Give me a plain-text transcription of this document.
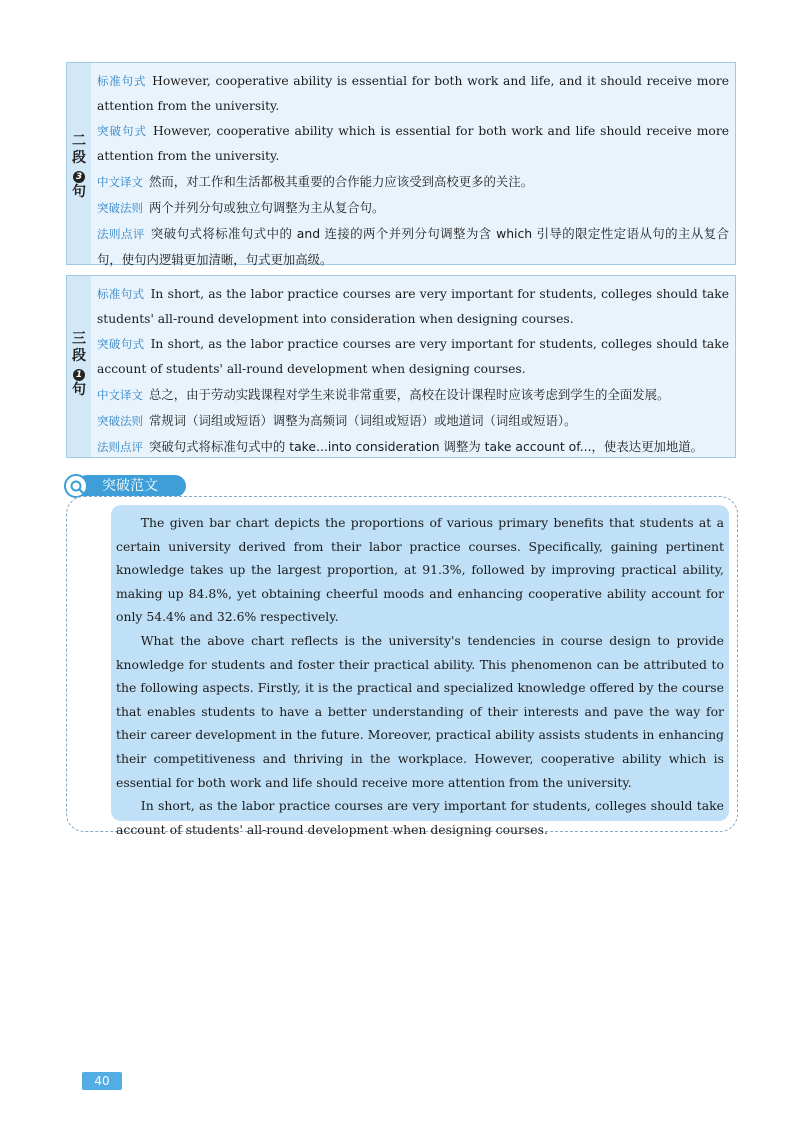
二
段
3
句
标准句式 However, cooperative ability is essential for both work and life, and it should receive more attention from the university.
突破句式 However, cooperative ability which is essential for both work and life should receive more attention from the university.
中文译文 然而，对工作和生活都极其重要的合作能力应该受到高校更多的关注。
突破法则 两个并列分句或独立句调整为主从复合句。
法则点评 突破句式将标准句式中的 and 连接的两个并列分句调整为含 which 引导的限定性定语从句的主从复合句，使句内逻辑更加清晰，句式更加高级。
三
段
1
句
标准句式 In short, as the labor practice courses are very important for students, colleges should take students' all-round development into consideration when designing courses.
突破句式 In short, as the labor practice courses are very important for students, colleges should take account of students' all-round development when designing courses.
中文译文 总之，由于劳动实践课程对学生来说非常重要，高校在设计课程时应该考虑到学生的全面发展。
突破法则 常规词（词组或短语）调整为高频词（词组或短语）或地道词（词组或短语）。
法则点评 突破句式将标准句式中的 take...into consideration 调整为 take account of...，使表达更加地道。
突破范文

The given bar chart depicts the proportions of various primary benefits that students at a certain university derived from their labor practice courses. Specifically, gaining pertinent knowledge takes up the largest proportion, at 91.3%, followed by improving practical ability, making up 84.8%, yet obtaining cheerful moods and enhancing cooperative ability account for only 54.4% and 32.6% respectively.

What the above chart reflects is the university's tendencies in course design to provide knowledge for students and foster their practical ability. This phenomenon can be attributed to the following aspects. Firstly, it is the practical and specialized knowledge offered by the course that enables students to have a better understanding of their interests and pave the way for their career development in the future. Moreover, practical ability assists students in enhancing their competitiveness and thriving in the workplace. However, cooperative ability which is essential for both work and life should receive more attention from the university.

In short, as the labor practice courses are very important for students, colleges should take account of students' all-round development when designing courses.

40
